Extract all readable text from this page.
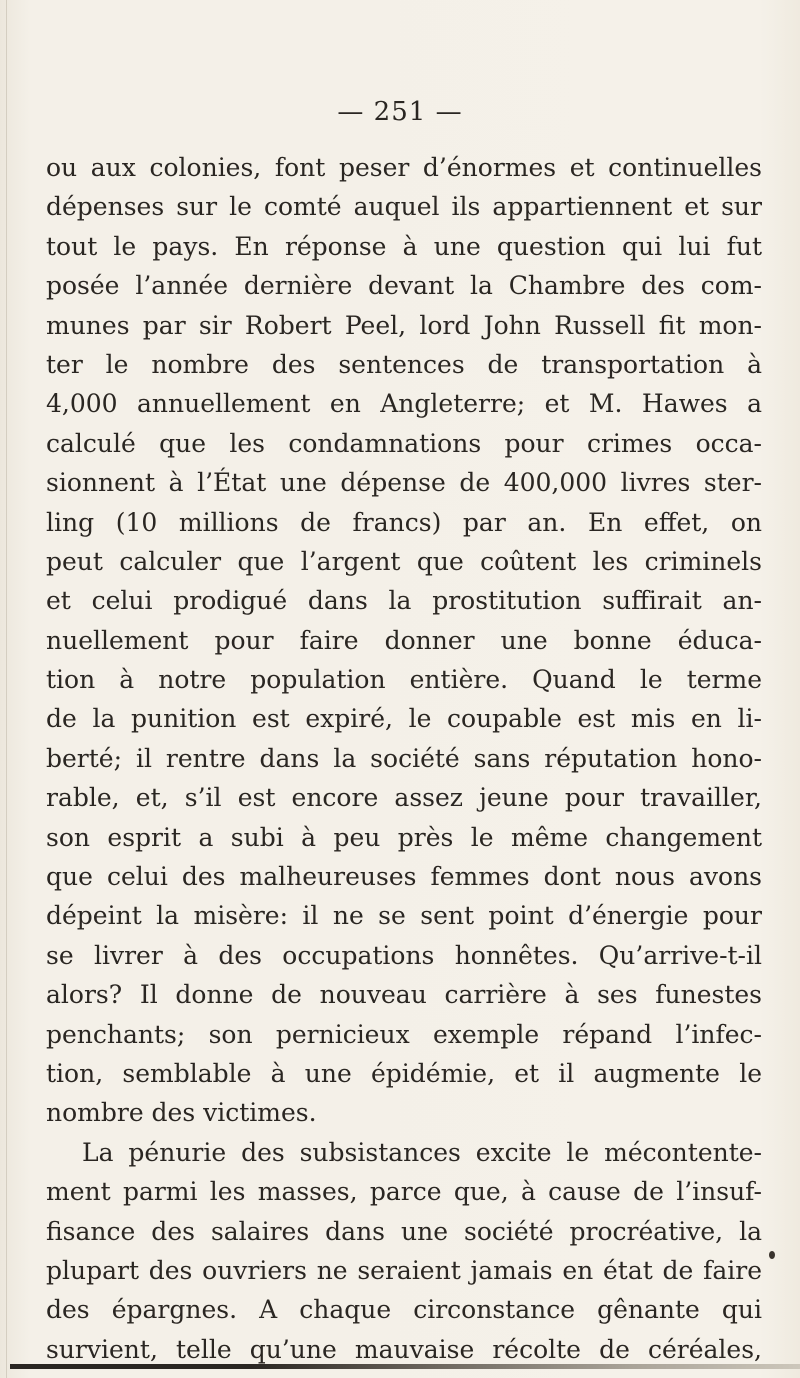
— 251 —
ou aux colonies, font peser d’énormes et continuelles
dépenses sur le comté auquel ils appartiennent et sur
tout le pays. En réponse à une question qui lui fut
posée l’année dernière devant la Chambre des com-
munes par sir Robert Peel, lord John Russell fit mon-
ter le nombre des sentences de transportation à
4,000 annuellement en Angleterre; et M. Hawes a
calculé que les condamnations pour crimes occa-
sionnent à l’État une dépense de 400,000 livres ster-
ling (10 millions de francs) par an. En effet, on
peut calculer que l’argent que coûtent les criminels
et celui prodigué dans la prostitution suffirait an-
nuellement pour faire donner une bonne éduca-
tion à notre population entière. Quand le terme
de la punition est expiré, le coupable est mis en li-
berté; il rentre dans la société sans réputation hono-
rable, et, s’il est encore assez jeune pour travailler,
son esprit a subi à peu près le même changement
que celui des malheureuses femmes dont nous avons
dépeint la misère: il ne se sent point d’énergie pour
se livrer à des occupations honnêtes. Qu’arrive-t-il
alors? Il donne de nouveau carrière à ses funestes
penchants; son pernicieux exemple répand l’infec-
tion, semblable à une épidémie, et il augmente le
nombre des victimes.
La pénurie des subsistances excite le mécontente-
ment parmi les masses, parce que, à cause de l’insuf-
fisance des salaires dans une société procréative, la
plupart des ouvriers ne seraient jamais en état de faire
des épargnes. A chaque circonstance gênante qui
survient, telle qu’une mauvaise récolte de céréales,
